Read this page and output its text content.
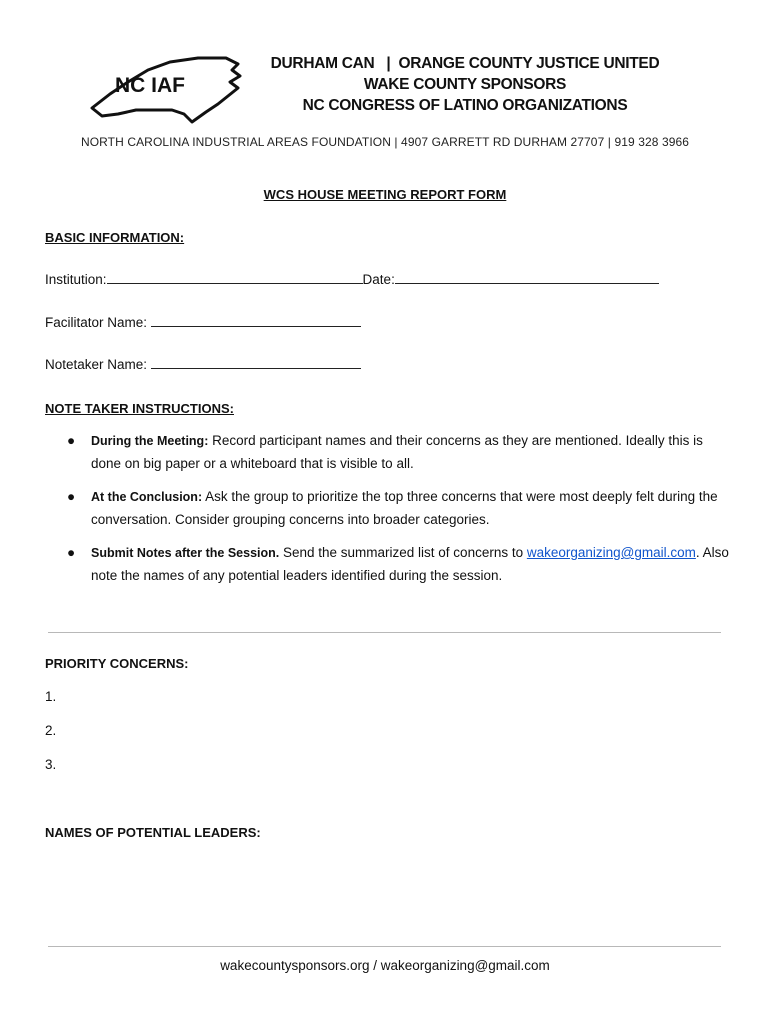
NC IAF
DURHAM CAN   |  ORANGE COUNTY JUSTICE UNITED
WAKE COUNTY SPONSORS
NC CONGRESS OF LATINO ORGANIZATIONS
NORTH CAROLINA INDUSTRIAL AREAS FOUNDATION | 4907 GARRETT RD DURHAM 27707 | 919 328 3966
WCS HOUSE MEETING REPORT FORM
BASIC INFORMATION:
Institution:	Date:
Facilitator Name:
Notetaker Name:
NOTE TAKER INSTRUCTIONS:
● During the Meeting: Record participant names and their concerns as they are mentioned. Ideally this is done on big paper or a whiteboard that is visible to all.
● At the Conclusion: Ask the group to prioritize the top three concerns that were most deeply felt during the conversation. Consider grouping concerns into broader categories.
● Submit Notes after the Session. Send the summarized list of concerns to wakeorganizing@gmail.com. Also note the names of any potential leaders identified during the session.
PRIORITY CONCERNS:
1.
2.
3.
NAMES OF POTENTIAL LEADERS:
wakecountysponsors.org / wakeorganizing@gmail.com
